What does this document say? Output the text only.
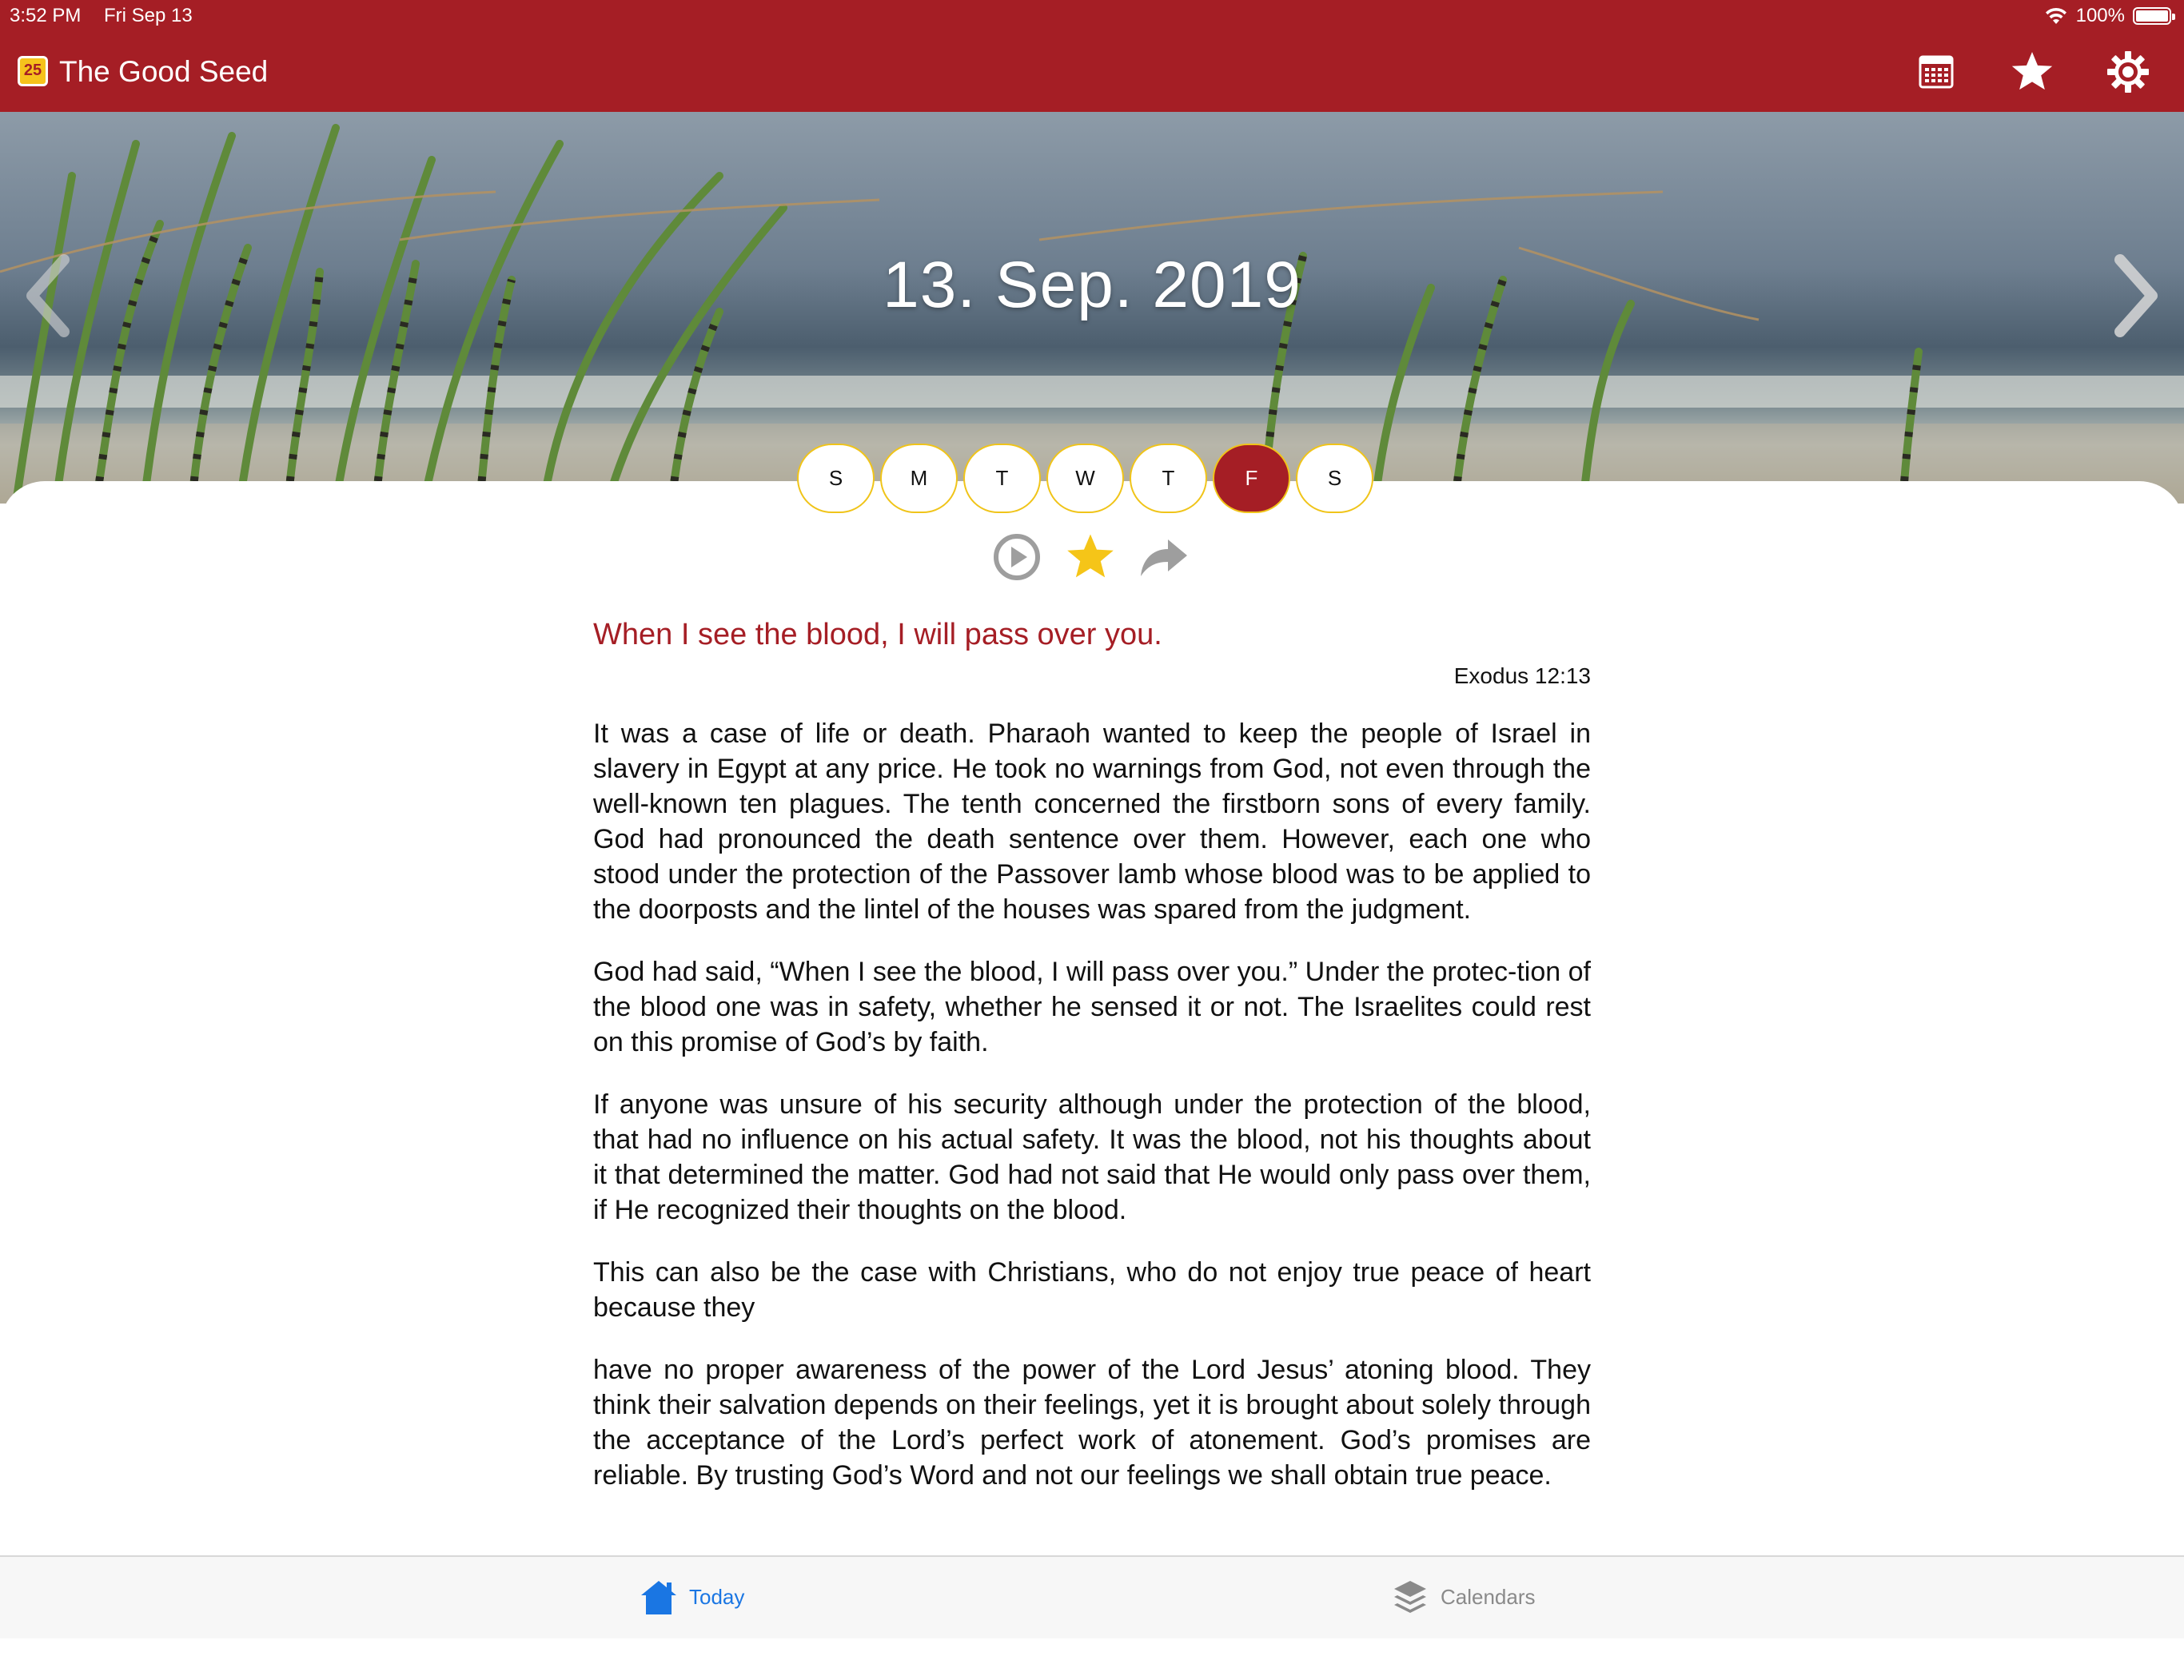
3:52 PM Fri Sep 13	100%
25 The Good Seed
13. Sep. 2019
S	M	T	W	T	F	S

When I see the blood, I will pass over you.

Exodus 12:13

It was a case of life or death. Pharaoh wanted to keep the people of Israel in slavery in Egypt at any price. He took no warnings from God, not even through the well-known ten plagues. The tenth concerned the firstborn sons of every family. God had pronounced the death sentence over them. However, each one who stood under the protection of the Passover lamb whose blood was to be applied to the doorposts and the lintel of the houses was spared from the judgment.

God had said, “When I see the blood, I will pass over you.” Under the protec-tion of the blood one was in safety, whether he sensed it or not. The Israelites could rest on this promise of God’s by faith.

If anyone was unsure of his security although under the protection of the blood, that had no influence on his actual safety. It was the blood, not his thoughts about it that determined the matter. God had not said that He would only pass over them, if He recognized their thoughts on the blood.

This can also be the case with Christians, who do not enjoy true peace of heart because they

have no proper awareness of the power of the Lord Jesus’ atoning blood. They think their salvation depends on their feelings, yet it is brought about solely through the acceptance of the Lord’s perfect work of atonement. God’s promises are reliable. By trusting God’s Word and not our feelings we shall obtain true peace.

Today	Calendars
